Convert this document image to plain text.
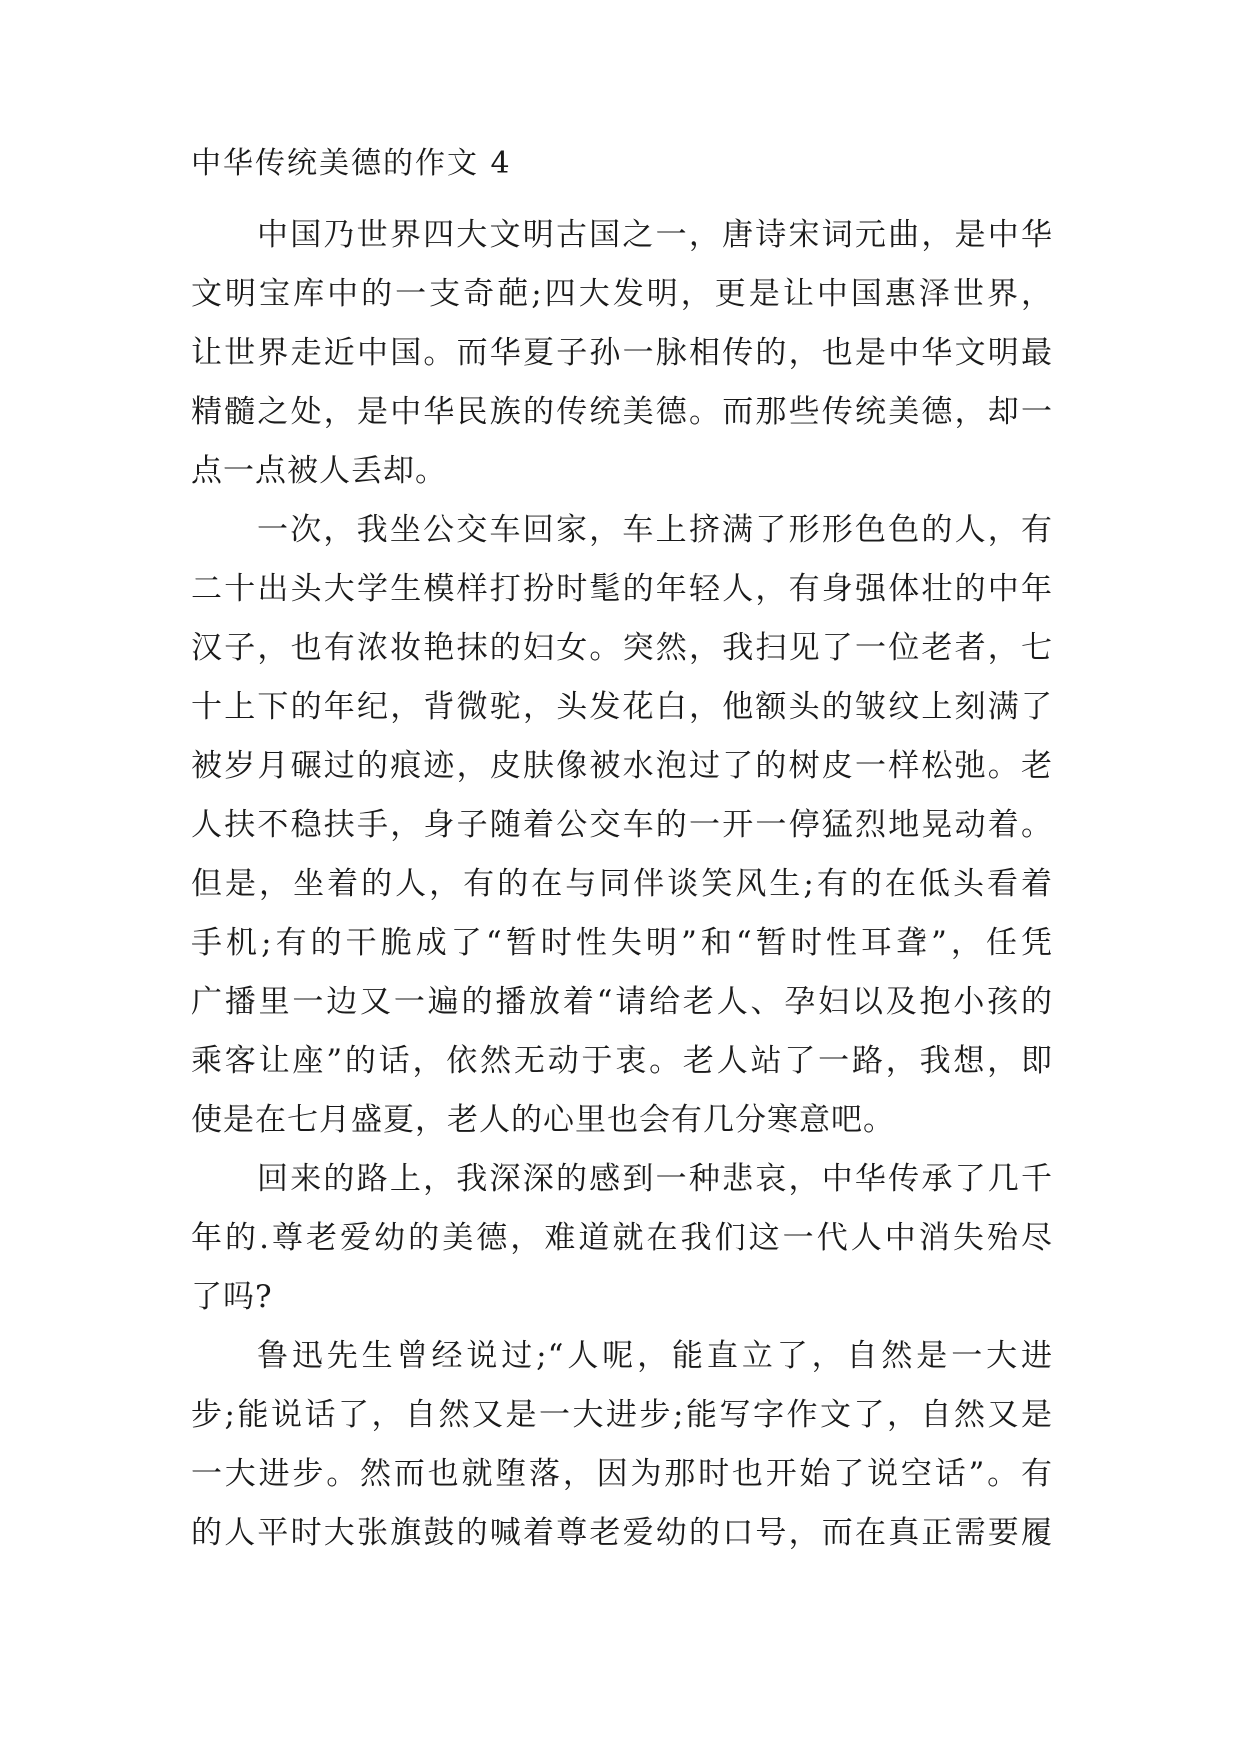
中华传统美德的作文 4
中国乃世界四大文明古国之一，唐诗宋词元曲，是中华
文明宝库中的一支奇葩;四大发明，更是让中国惠泽世界，
让世界走近中国。而华夏子孙一脉相传的，也是中华文明最
精髓之处，是中华民族的传统美德。而那些传统美德，却一
点一点被人丢却。
一次，我坐公交车回家，车上挤满了形形色色的人，有
二十出头大学生模样打扮时髦的年轻人，有身强体壮的中年
汉子，也有浓妆艳抹的妇女。突然，我扫见了一位老者，七
十上下的年纪，背微驼，头发花白，他额头的皱纹上刻满了
被岁月碾过的痕迹，皮肤像被水泡过了的树皮一样松弛。老
人扶不稳扶手，身子随着公交车的一开一停猛烈地晃动着。
但是，坐着的人，有的在与同伴谈笑风生;有的在低头看着
手机;有的干脆成了“暂时性失明”和“暂时性耳聋”，任凭
广播里一边又一遍的播放着“请给老人、孕妇以及抱小孩的
乘客让座”的话，依然无动于衷。老人站了一路，我想，即
使是在七月盛夏，老人的心里也会有几分寒意吧。
回来的路上，我深深的感到一种悲哀，中华传承了几千
年的.尊老爱幼的美德，难道就在我们这一代人中消失殆尽
了吗?
鲁迅先生曾经说过;“人呢，能直立了，自然是一大进
步;能说话了，自然又是一大进步;能写字作文了，自然又是
一大进步。然而也就堕落，因为那时也开始了说空话”。有
的人平时大张旗鼓的喊着尊老爱幼的口号，而在真正需要履
